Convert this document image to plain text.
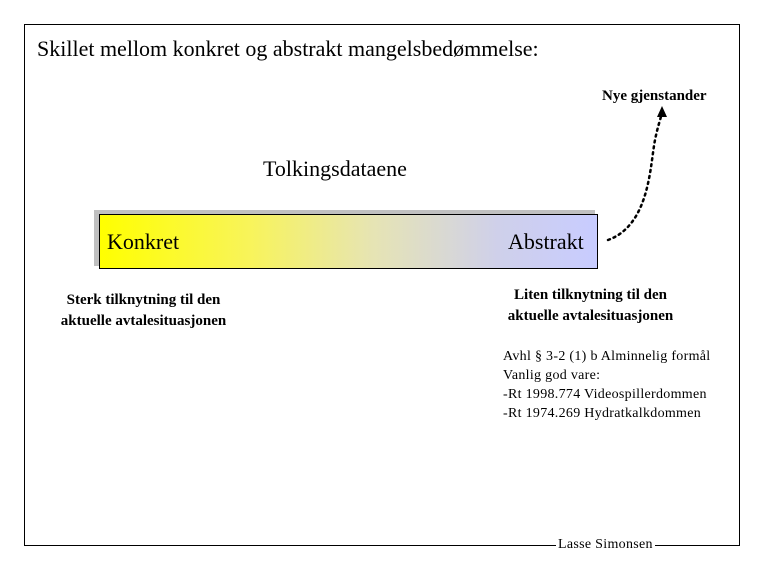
Skillet mellom konkret og abstrakt mangelsbedømmelse:
Nye gjenstander
Tolkingsdataene
Konkret	Abstrakt
Sterk tilknytning til den
aktuelle avtalesituasjonen
Liten tilknytning til den
aktuelle avtalesituasjonen
Avhl § 3-2 (1) b Alminnelig formål
Vanlig god vare:
-Rt 1998.774 Videospillerdommen
-Rt 1974.269 Hydratkalkdommen
Lasse Simonsen
